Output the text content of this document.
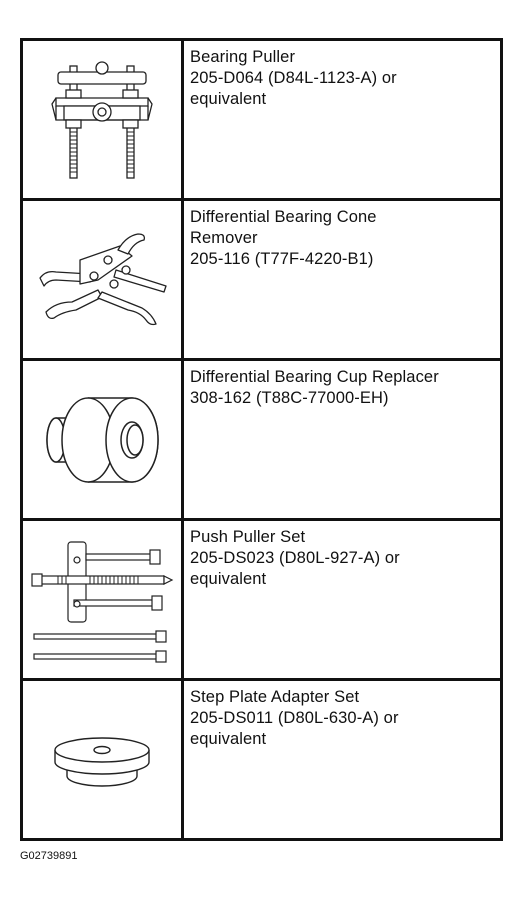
Bearing Puller
205-D064 (D84L-1123-A) or
equivalent
Differential Bearing Cone
Remover
205-116 (T77F-4220-B1)
Differential Bearing Cup Replacer
308-162 (T88C-77000-EH)
Push Puller Set
205-DS023 (D80L-927-A) or
equivalent
Step Plate Adapter Set
205-DS011 (D80L-630-A) or
equivalent
G02739891
